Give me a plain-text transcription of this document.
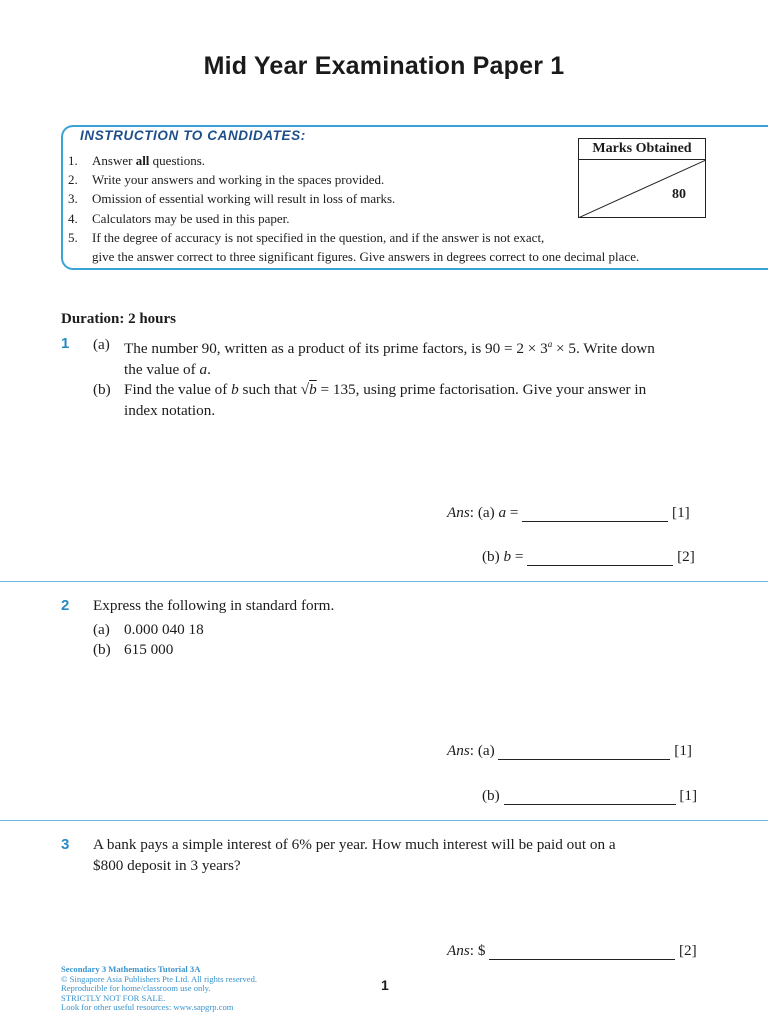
Mid Year Examination Paper 1
INSTRUCTION TO CANDIDATES:
1.	Answer all questions.
2.	Write your answers and working in the spaces provided.
3.	Omission of essential working will result in loss of marks.
4.	Calculators may be used in this paper.
5.	If the degree of accuracy is not specified in the question, and if the answer is not exact,
give the answer correct to three significant figures. Give answers in degrees correct to one decimal place.
Marks Obtained
80
Duration: 2 hours
1 (a) The number 90, written as a product of its prime factors, is $90 = 2 \times 3^a \times 5$. Write down
the value of a.
(b) Find the value of b such that √b = 135, using prime factorisation. Give your answer in
index notation.
Ans: (a) a =	[1]
(b) b =	[2]
2 Express the following in standard form.
(a) 0.000 040 18
(b) 615 000
Ans: (a)	[1]
(b)	[1]
3 A bank pays a simple interest of 6% per year. How much interest will be paid out on a
$800 deposit in 3 years?
Ans: $	[2]
Secondary 3 Mathematics Tutorial 3A
© Singapore Asia Publishers Pte Ltd. All rights reserved.
Reproducible for home/classroom use only.
STRICTLY NOT FOR SALE.
Look for other useful resources: www.sapgrp.com
1
